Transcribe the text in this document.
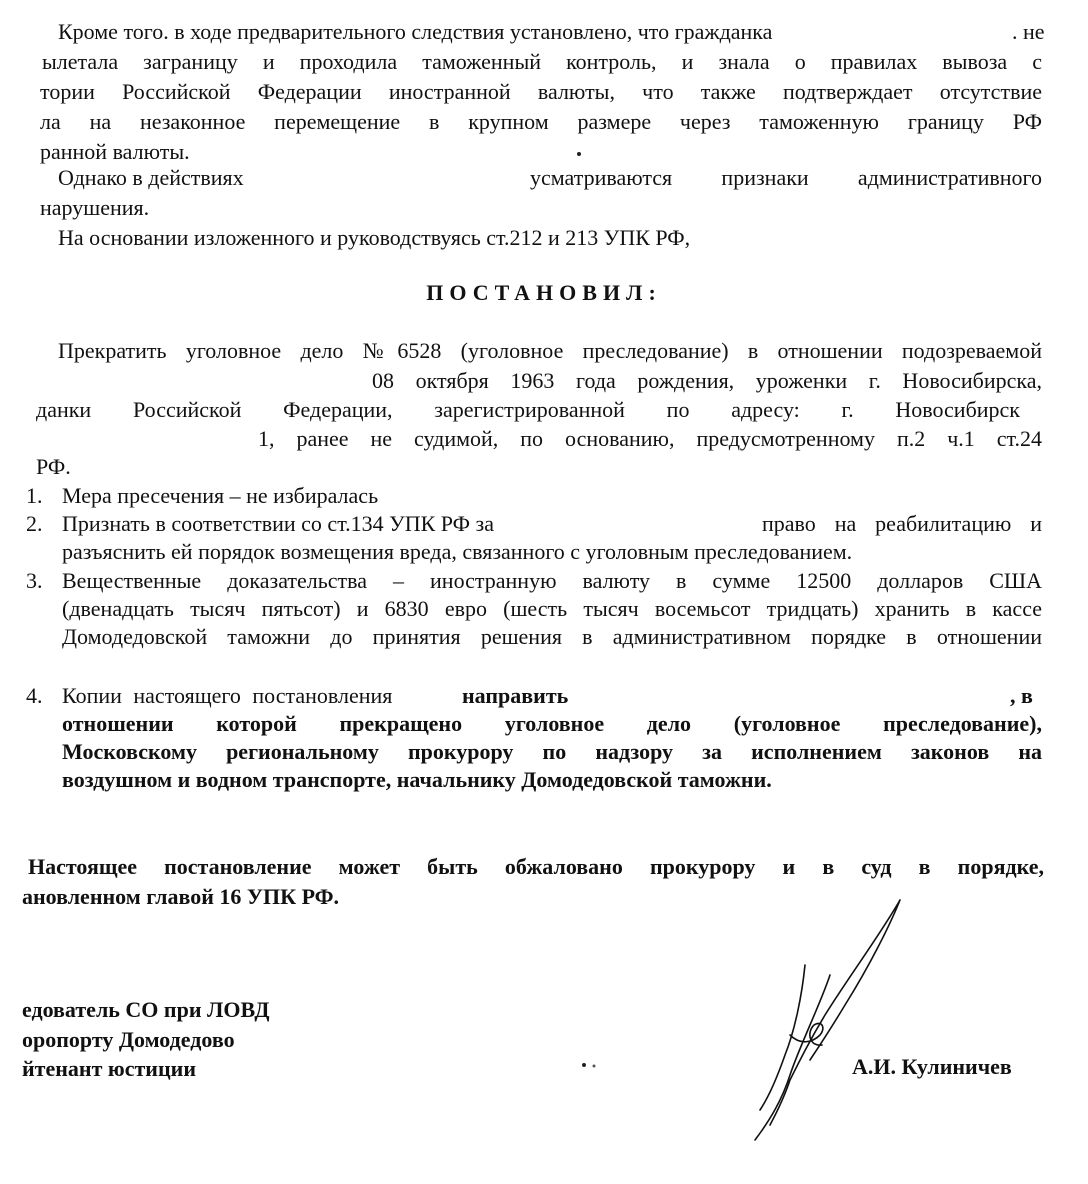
Кроме того. в ходе предварительного следствия установлено, что гражданка	. не
ылетала заграницу и проходила таможенный контроль, и знала о правилах вывоза с
тории Российской Федерации иностранной валюты, что также подтверждает отсутствие
ла на незаконное перемещение в крупном размере через таможенную границу РФ
ранной валюты.
Однако в действиях	усматриваются признаки административного
нарушения.
На основании изложенного и руководствуясь ст.212 и 213 УПК РФ,
ПОСТАНОВИЛ:
Прекратить уголовное дело №6528 (уголовное преследование) в отношении подозреваемой
08 октября 1963 года рождения, уроженки г. Новосибирска,
данки Российской Федерации, зарегистрированной по адресу: г. Новосибирск
1, ранее не судимой, по основанию, предусмотренному п.2 ч.1 ст.24
РФ.
1. Мера пресечения – не избиралась
2. Признать в соответствии со ст.134 УПК РФ за	право на реабилитацию и
разъяснить ей порядок возмещения вреда, связанного с уголовным преследованием.
3. Вещественные доказательства – иностранную валюту в сумме 12500 долларов США
(двенадцать тысяч пятьсот) и 6830 евро (шесть тысяч восемьсот тридцать) хранить в кассе
Домодедовской таможни до принятия решения в административном порядке в отношении
4. Копии настоящего постановления	направить	, в
отношении которой прекращено уголовное дело (уголовное преследование),
Московскому региональному прокурору по надзору за исполнением законов на
воздушном и водном транспорте, начальнику Домодедовской таможни.
Настоящее постановление может быть обжаловано прокурору и в суд в порядке,
ановленном главой 16 УПК РФ.
едователь СО при ЛОВД
оропорту Домодедово
йтенант юстиции	А.И. Кулиничев
